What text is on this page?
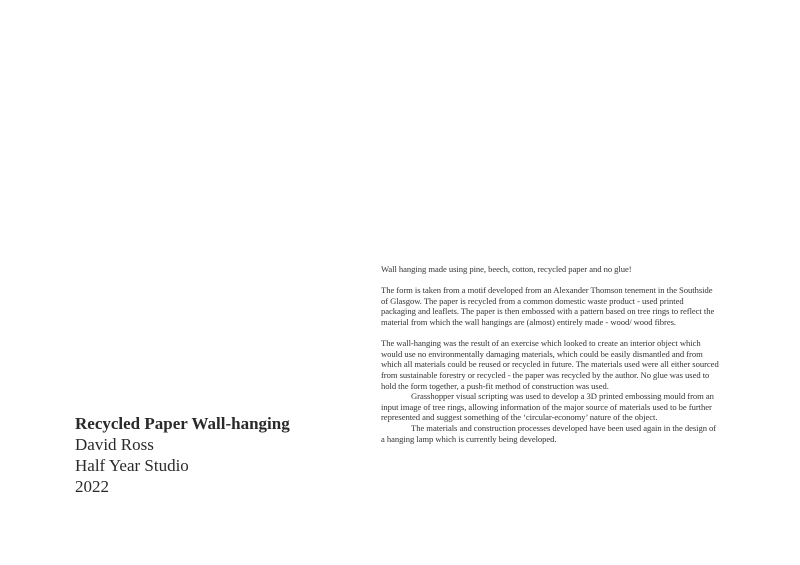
Recycled Paper Wall-hanging
David Ross
Half Year Studio
2022

Wall hanging made using pine, beech, cotton, recycled paper and no glue!

The form is taken from a motif developed from an Alexander Thomson tenement in the Southside of Glasgow. The paper is recycled from a common domestic waste product - used printed packaging and leaflets. The paper is then embossed with a pattern based on tree rings to reflect the material from which the wall hangings are (almost) entirely made - wood/ wood fibres.

The wall-hanging was the result of an exercise which looked to create an interior object which would use no environmentally damaging materials, which could be easily dismantled and from which all materials could be reused or recycled in future. The materials used were all either sourced from sustainable forestry or recycled - the paper was recycled by the author. No glue was used to hold the form together, a push-fit method of construction was used.

Grasshopper visual scripting was used to develop a 3D printed embossing mould from an input image of tree rings, allowing information of the major source of materials used to be further represented and suggest something of the ‘circular-economy’ nature of the object.

The materials and construction processes developed have been used again in the design of a hanging lamp which is currently being developed.
